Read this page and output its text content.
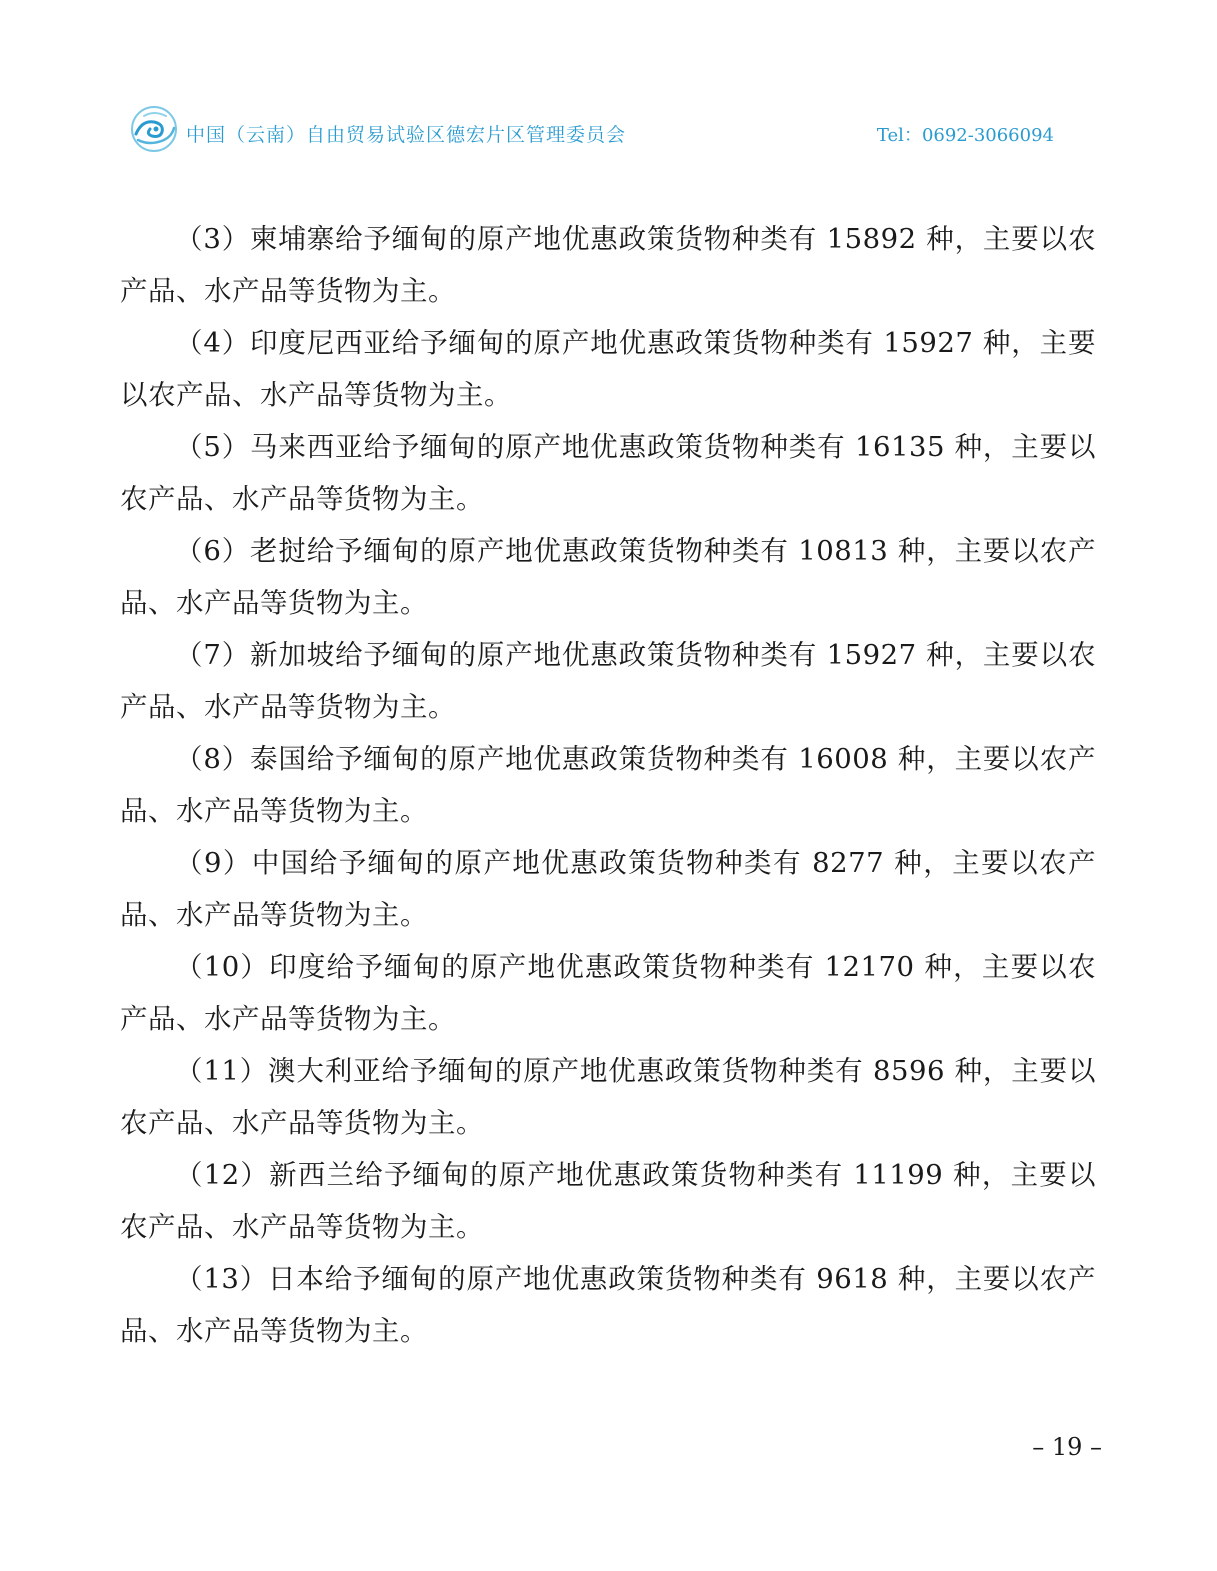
中国（云南）自由贸易试验区德宏片区管理委员会	Tel：0692-3066094

（3）柬埔寨给予缅甸的原产地优惠政策货物种类有 15892 种，主要以农产品、水产品等货物为主。

（4）印度尼西亚给予缅甸的原产地优惠政策货物种类有 15927 种，主要以农产品、水产品等货物为主。

（5）马来西亚给予缅甸的原产地优惠政策货物种类有 16135 种，主要以农产品、水产品等货物为主。

（6）老挝给予缅甸的原产地优惠政策货物种类有 10813 种，主要以农产品、水产品等货物为主。

（7）新加坡给予缅甸的原产地优惠政策货物种类有 15927 种，主要以农产品、水产品等货物为主。

（8）泰国给予缅甸的原产地优惠政策货物种类有 16008 种，主要以农产品、水产品等货物为主。

（9）中国给予缅甸的原产地优惠政策货物种类有 8277 种，主要以农产品、水产品等货物为主。

（10）印度给予缅甸的原产地优惠政策货物种类有 12170 种，主要以农产品、水产品等货物为主。

（11）澳大利亚给予缅甸的原产地优惠政策货物种类有 8596 种，主要以农产品、水产品等货物为主。

（12）新西兰给予缅甸的原产地优惠政策货物种类有 11199 种，主要以农产品、水产品等货物为主。

（13）日本给予缅甸的原产地优惠政策货物种类有 9618 种，主要以农产品、水产品等货物为主。

– 19 –
